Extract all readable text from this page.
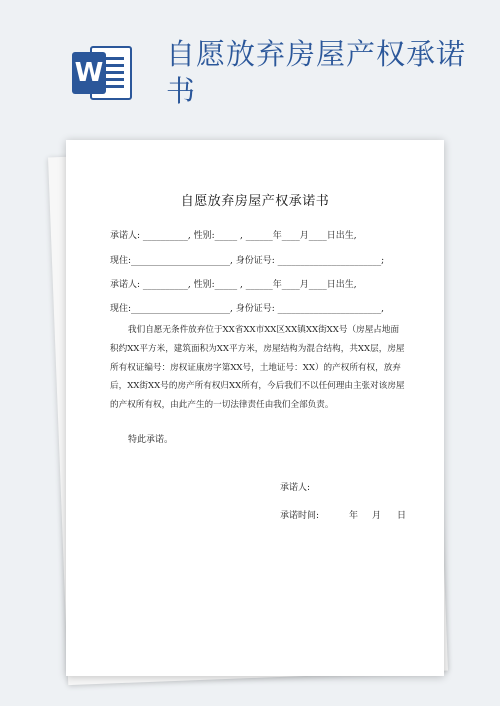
W
自愿放弃房屋产权承诺书
自愿放弃房屋产权承诺书

承诺人: __________, 性别:_____ , ______年____月____日出生,

现住:______________________, 身份证号: _______________________;

承诺人: __________, 性别:_____ , ______年____月____日出生,

现住:______________________, 身份证号: _______________________,

我们自愿无条件放弃位于XX省XX市XX区XX镇XX街XX号（房屋占地面积约XX平方米，建筑面积为XX平方米，房屋结构为混合结构，共XX层，房屋所有权证编号：房权证康房字第XX号，土地证号：XX）的产权所有权，放弃后，XX街XX号的房产所有权归XX所有，今后我们不以任何理由主张对该房屋的产权所有权，由此产生的一切法律责任由我们全部负责。

特此承诺。

承诺人:

承诺时间:	年 月 日
